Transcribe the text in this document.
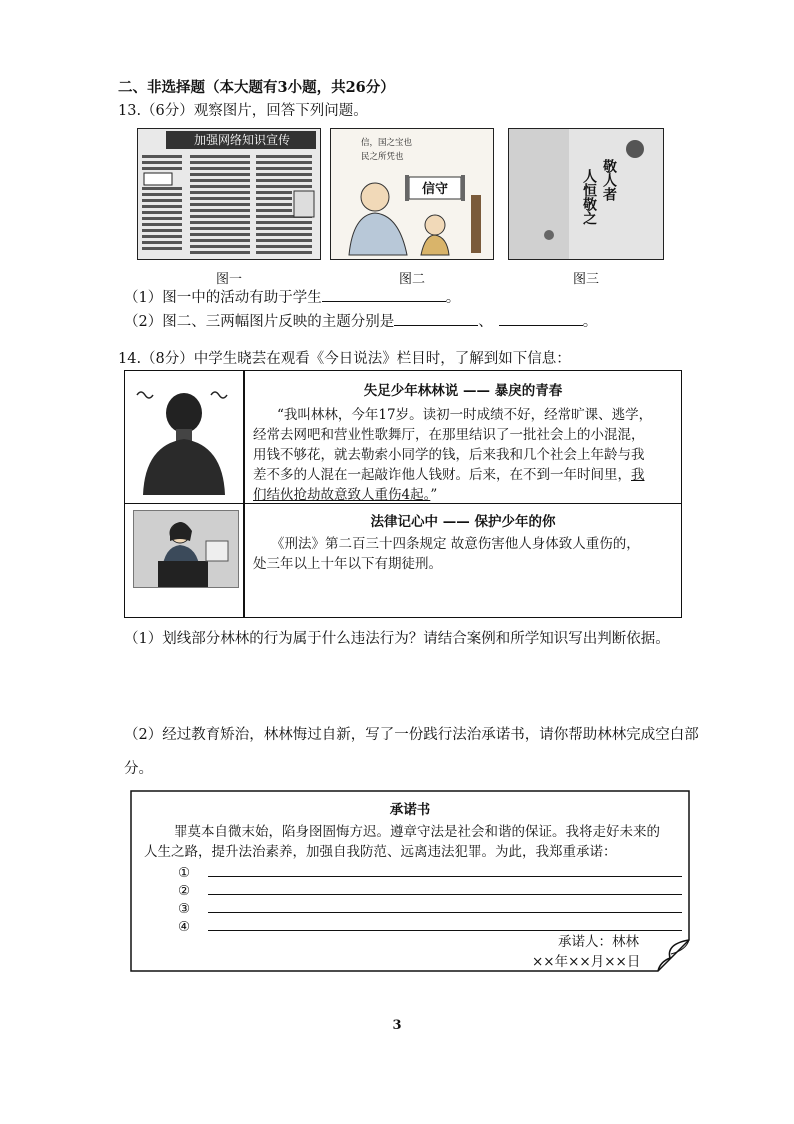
二、非选择题（本大题有3小题，共26分）
13.（6分）观察图片，回答下列问题。
加强网络知识宣传
图一
信，国之宝也
民之所凭也
信守
图二
敬人者
人恒敬之
图三
（1）图一中的活动有助于学生	。
（2）图二、三两幅图片反映的主题分别是	、	。
14.（8分）中学生晓芸在观看《今日说法》栏目时，了解到如下信息：
失足少年林林说 —— 暴戾的青春
“我叫林林，今年17岁。读初一时成绩不好，经常旷课、逃学，
经常去网吧和营业性歌舞厅，在那里结识了一批社会上的小混混，
用钱不够花，就去勒索小同学的钱，后来我和几个社会上年龄与我
差不多的人混在一起敲诈他人钱财。后来，在不到一年时间里，我
们结伙抢劫故意致人重伤4起。”
法律记心中 —— 保护少年的你
《刑法》第二百三十四条规定 故意伤害他人身体致人重伤的，
处三年以上十年以下有期徒刑。
（1）划线部分林林的行为属于什么违法行为？请结合案例和所学知识写出判断依据。
（2）经过教育矫治，林林悔过自新，写了一份践行法治承诺书，请你帮助林林完成空白部
分。
承诺书
罪莫本自微末始，陷身囹圄悔方迟。遵章守法是社会和谐的保证。我将走好未来的
人生之路，提升法治素养，加强自我防范、远离违法犯罪。为此，我郑重承诺：
①
②
③
④
承诺人：林林
××年××月××日
3
